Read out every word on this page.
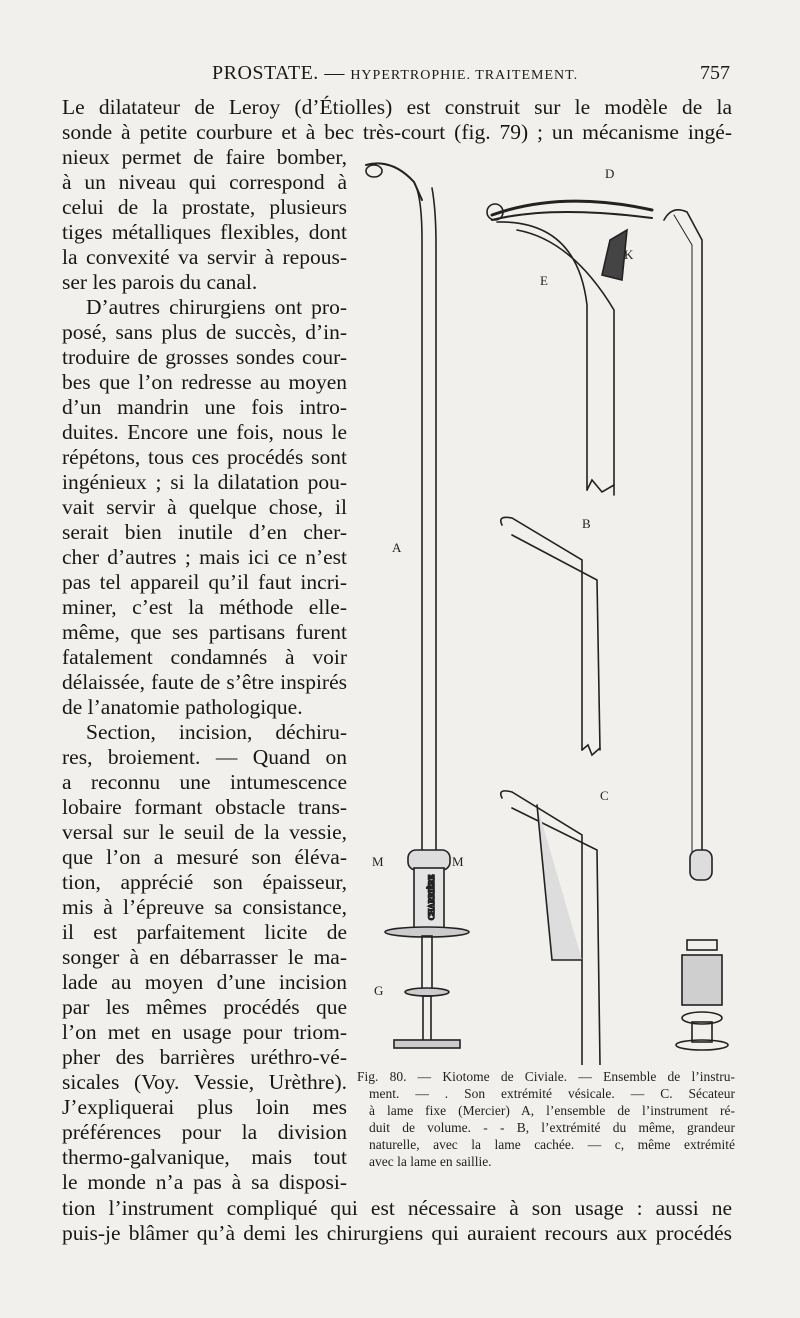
PROSTATE. — HYPERTROPHIE. TRAITEMENT.	757
Le dilatateur de Leroy (d’Étiolles) est construit sur le modèle de la
sonde à petite courbure et à bec très-court (fig. 79) ; un mécanisme ingé-
nieux permet de faire bomber,
à un niveau qui correspond à
celui de la prostate, plusieurs
tiges métalliques flexibles, dont
la convexité va servir à repous-
ser les parois du canal.
D’autres chirurgiens ont pro-
posé, sans plus de succès, d’in-
troduire de grosses sondes cour-
bes que l’on redresse au moyen
d’un mandrin une fois intro-
duites. Encore une fois, nous le
répétons, tous ces procédés sont
ingénieux ; si la dilatation pou-
vait servir à quelque chose, il
serait bien inutile d’en cher-
cher d’autres ; mais ici ce n’est
pas tel appareil qu’il faut incri-
miner, c’est la méthode elle-
même, que ses partisans furent
fatalement condamnés à voir
délaissée, faute de s’être inspirés
de l’anatomie pathologique.
Section, incision, déchiru-
res, broiement. — Quand on
a reconnu une intumescence
lobaire formant obstacle trans-
versal sur le seuil de la vessie,
que l’on a mesuré son éléva-
tion, apprécié son épaisseur,
mis à l’épreuve sa consistance,
il est parfaitement licite de
songer à en débarrasser le ma-
lade au moyen d’une incision
par les mêmes procédés que
l’on met en usage pour triom-
pher des barrières uréthro-vé-
sicales (Voy. Vessie, Urèthre).
J’expliquerai plus loin mes
préférences pour la division
thermo-galvanique, mais tout
le monde n’a pas à sa disposi-
CHARRIÈRE
A
B
C
D
E
G
K
M	M
Fig. 80. — Kiotome de Civiale. — Ensemble de l’instru-
ment. — . Son extrémité vésicale. — C. Sécateur
à lame fixe (Mercier) A, l’ensemble de l’instrument ré-
duit de volume. - - B, l’extrémité du même, grandeur
naturelle, avec la lame cachée. — c, même extrémité
avec la lame en saillie.
tion l’instrument compliqué qui est nécessaire à son usage : aussi ne
puis-je blâmer qu’à demi les chirurgiens qui auraient recours aux procédés
